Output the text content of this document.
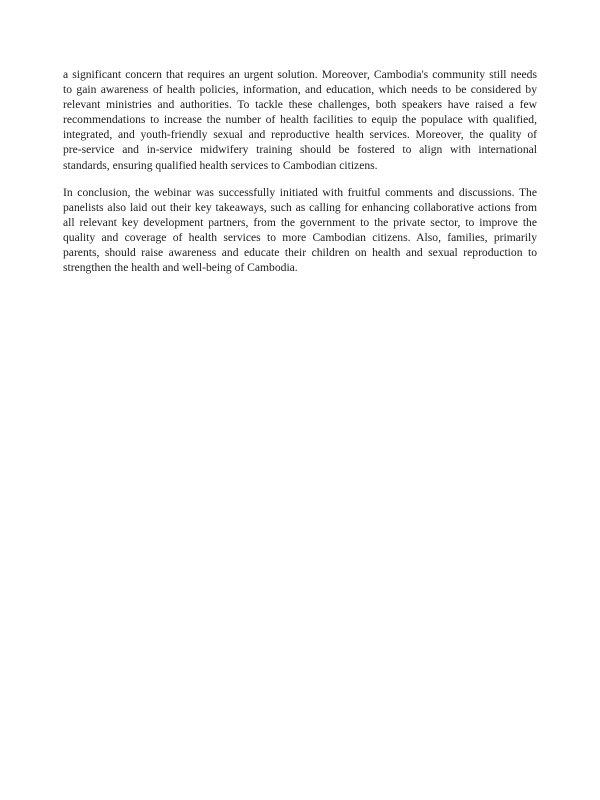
a significant concern that requires an urgent solution. Moreover, Cambodia's community still needs
to gain awareness of health policies, information, and education, which needs to be considered by
relevant ministries and authorities. To tackle these challenges, both speakers have raised a few
recommendations to increase the number of health facilities to equip the populace with qualified,
integrated, and youth-friendly sexual and reproductive health services. Moreover, the quality of
pre-service and in-service midwifery training should be fostered to align with international
standards, ensuring qualified health services to Cambodian citizens.

In conclusion, the webinar was successfully initiated with fruitful comments and discussions. The
panelists also laid out their key takeaways, such as calling for enhancing collaborative actions from
all relevant key development partners, from the government to the private sector, to improve the
quality and coverage of health services to more Cambodian citizens. Also, families, primarily
parents, should raise awareness and educate their children on health and sexual reproduction to
strengthen the health and well-being of Cambodia.
